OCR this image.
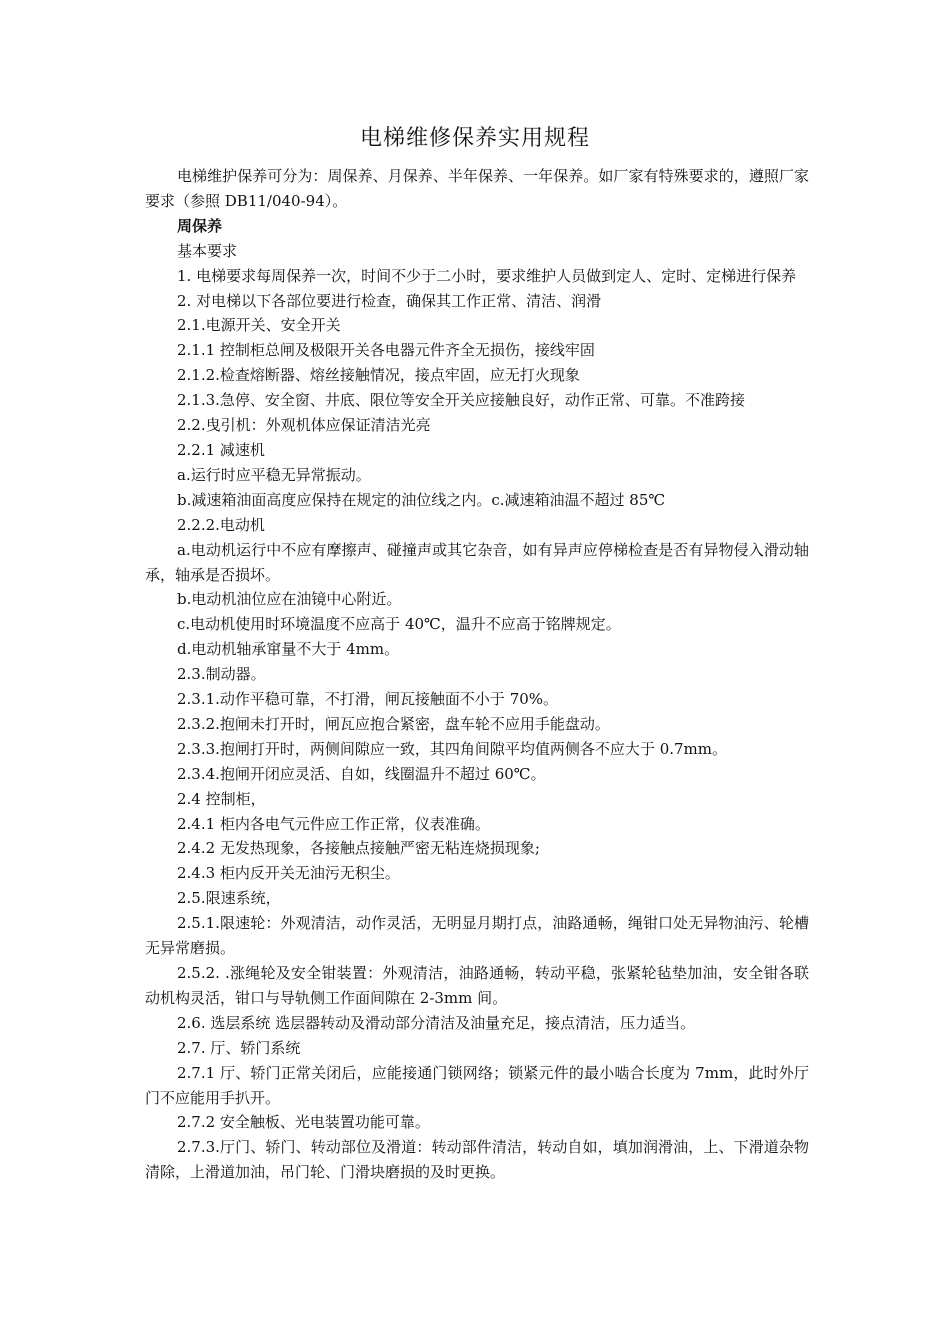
电梯维修保养实用规程

电梯维护保养可分为：周保养、月保养、半年保养、一年保养。如厂家有特殊要求的，遵照厂家要求（参照 DB11/040-94）。

周保养

基本要求

1. 电梯要求每周保养一次，时间不少于二小时，要求维护人员做到定人、定时、定梯进行保养

2. 对电梯以下各部位要进行检查，确保其工作正常、清洁、润滑

2.1.电源开关、安全开关

2.1.1 控制柜总闸及极限开关各电器元件齐全无损伤，接线牢固

2.1.2.检查熔断器、熔丝接触情况，接点牢固，应无打火现象

2.1.3.急停、安全窗、井底、限位等安全开关应接触良好，动作正常、可靠。不准跨接

2.2.曳引机：外观机体应保证清洁光亮

2.2.1 减速机

a.运行时应平稳无异常振动。

b.减速箱油面高度应保持在规定的油位线之内。c.减速箱油温不超过 85℃

2.2.2.电动机

a.电动机运行中不应有摩擦声、碰撞声或其它杂音，如有异声应停梯检查是否有异物侵入滑动轴承，轴承是否损坏。

b.电动机油位应在油镜中心附近。

c.电动机使用时环境温度不应高于 40℃，温升不应高于铭牌规定。

d.电动机轴承窜量不大于 4mm。

2.3.制动器。

2.3.1.动作平稳可靠，不打滑，闸瓦接触面不小于 70%。

2.3.2.抱闸未打开时，闸瓦应抱合紧密，盘车轮不应用手能盘动。

2.3.3.抱闸打开时，两侧间隙应一致，其四角间隙平均值两侧各不应大于 0.7mm。

2.3.4.抱闸开闭应灵活、自如，线圈温升不超过 60℃。

2.4 控制柜，

2.4.1 柜内各电气元件应工作正常，仪表准确。

2.4.2 无发热现象，各接触点接触严密无粘连烧损现象;

2.4.3 柜内反开关无油污无积尘。

2.5.限速系统，

2.5.1.限速轮：外观清洁，动作灵活，无明显月期打点，油路通畅，绳钳口处无异物油污、轮槽无异常磨损。

2.5.2. .涨绳轮及安全钳装置：外观清洁，油路通畅，转动平稳，张紧轮毡垫加油，安全钳各联动机构灵活，钳口与导轨侧工作面间隙在 2-3mm 间。

2.6. 选层系统 选层器转动及滑动部分清洁及油量充足，接点清洁，压力适当。

2.7. 厅、轿门系统

2.7.1 厅、轿门正常关闭后，应能接通门锁网络；锁紧元件的最小啮合长度为 7mm，此时外厅门不应能用手扒开。

2.7.2 安全触板、光电装置功能可靠。

2.7.3.厅门、轿门、转动部位及滑道：转动部件清洁，转动自如，填加润滑油，上、下滑道杂物清除，上滑道加油，吊门轮、门滑块磨损的及时更换。
